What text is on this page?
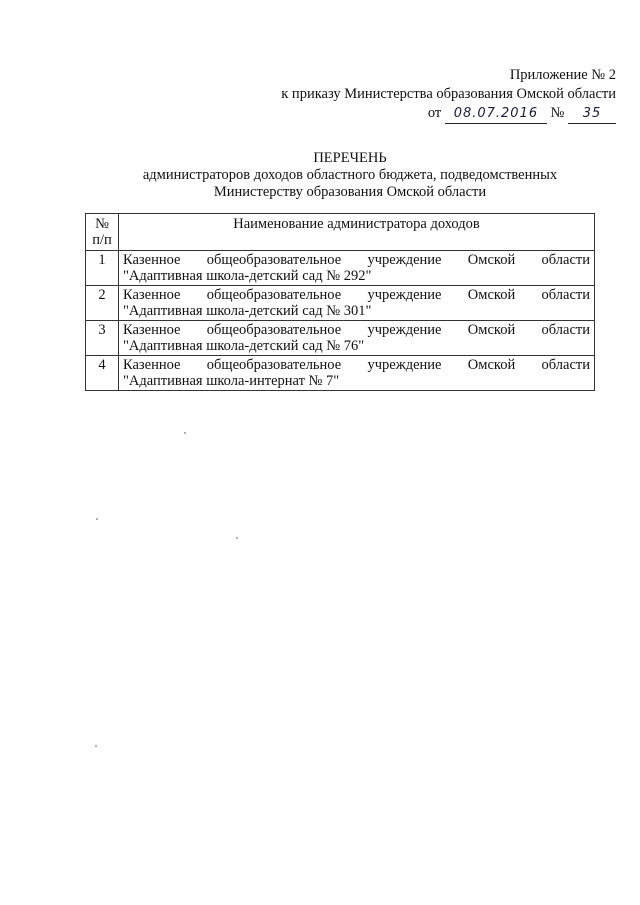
Приложение № 2
к приказу Министерства образования Омской области
от 08.07.2016 № 35
ПЕРЕЧЕНЬ
администраторов доходов областного бюджета, подведомственных
Министерству образования Омской области
№ п/п	Наименование администратора доходов
1	Казенное общеобразовательное учреждение Омской области
"Адаптивная школа-детский сад № 292"

2	Казенное общеобразовательное учреждение Омской области
"Адаптивная школа-детский сад № 301"

3	Казенное общеобразовательное учреждение Омской области
"Адаптивная школа-детский сад № 76"

4	Казенное общеобразовательное учреждение Омской области
"Адаптивная школа-интернат № 7"
